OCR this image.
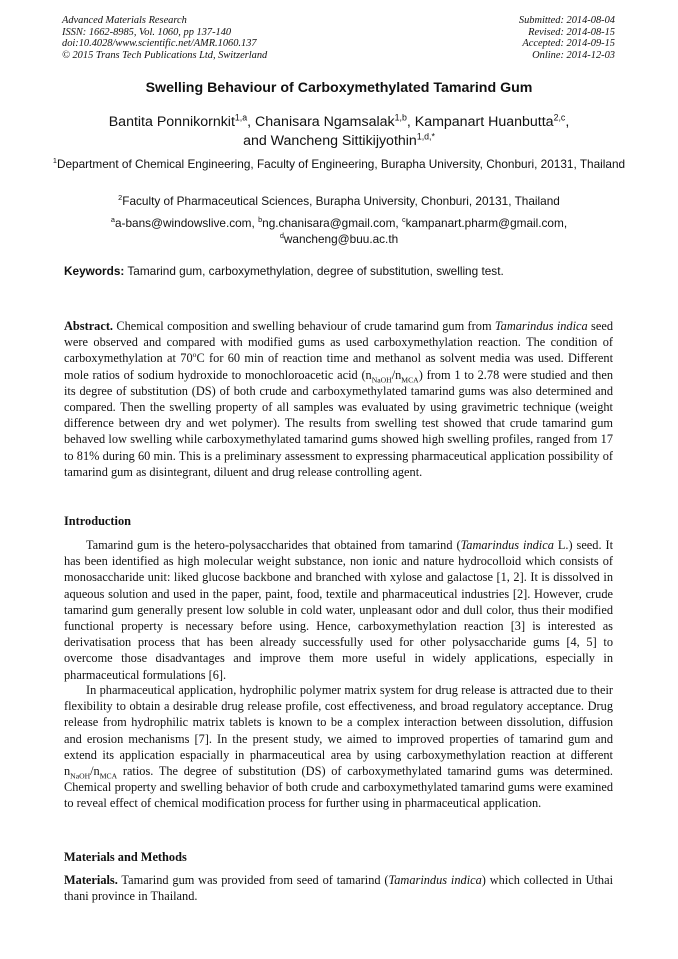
Advanced Materials Research
ISSN: 1662-8985, Vol. 1060, pp 137-140
doi:10.4028/www.scientific.net/AMR.1060.137
© 2015 Trans Tech Publications Ltd, Switzerland
Submitted: 2014-08-04
Revised: 2014-08-15
Accepted: 2014-09-15
Online: 2014-12-03
Swelling Behaviour of Carboxymethylated Tamarind Gum
Bantita Ponnikornkit$^{1,a}$, Chanisara Ngamsalak$^{1,b}$, Kampanart Huanbutta$^{2,c}$,
and Wancheng Sittikijyothin$^{1,d,*}$
$^1$Department of Chemical Engineering, Faculty of Engineering, Burapha University, Chonburi, 20131, Thailand
$^2$Faculty of Pharmaceutical Sciences, Burapha University, Chonburi, 20131, Thailand
$^a$a-bans@windowslive.com, $^b$ng.chanisara@gmail.com, $^c$kampanart.pharm@gmail.com,
$^d$wancheng@buu.ac.th
Keywords: Tamarind gum, carboxymethylation, degree of substitution, swelling test.

Abstract. Chemical composition and swelling behaviour of crude tamarind gum from Tamarindus indica seed were observed and compared with modified gums as used carboxymethylation reaction. The condition of carboxymethylation at 70$^o$C for 60 min of reaction time and methanol as solvent media was used. Different mole ratios of sodium hydroxide to monochloroacetic acid $(n_{NaOH}/n_{MCA})$ from 1 to 2.78 were studied and then its degree of substitution (DS) of both crude and carboxymethylated tamarind gums was also determined and compared. Then the swelling property of all samples was evaluated by using gravimetric technique (weight difference between dry and wet polymer). The results from swelling test showed that crude tamarind gum behaved low swelling while carboxymethylated tamarind gums showed high swelling profiles, ranged from 17 to 81% during 60 min. This is a preliminary assessment to expressing pharmaceutical application possibility of tamarind gum as disintegrant, diluent and drug release controlling agent.

Introduction

Tamarind gum is the hetero-polysaccharides that obtained from tamarind (Tamarindus indica L.) seed. It has been identified as high molecular weight substance, non ionic and nature hydrocolloid which consists of monosaccharide unit: liked glucose backbone and branched with xylose and galactose [1, 2]. It is dissolved in aqueous solution and used in the paper, paint, food, textile and pharmaceutical industries [2]. However, crude tamarind gum generally present low soluble in cold water, unpleasant odor and dull color, thus their modified functional property is necessary before using. Hence, carboxymethylation reaction [3] is interested as derivatisation process that has been already successfully used for other polysaccharide gums [4, 5] to overcome those disadvantages and improve them more useful in widely applications, especially in pharmaceutical formulations [6].

In pharmaceutical application, hydrophilic polymer matrix system for drug release is attracted due to their flexibility to obtain a desirable drug release profile, cost effectiveness, and broad regulatory acceptance. Drug release from hydrophilic matrix tablets is known to be a complex interaction between dissolution, diffusion and erosion mechanisms [7]. In the present study, we aimed to improved properties of tamarind gum and extend its application espacially in pharmaceutical area by using carboxymethylation reaction at different $n_{NaOH}/n_{MCA}$ ratios. The degree of substitution (DS) of carboxymethylated tamarind gums was determined. Chemical property and swelling behavior of both crude and carboxymethylated tamarind gums were examined to reveal effect of chemical modification process for further using in pharmaceutical application.

Materials and Methods

Materials. Tamarind gum was provided from seed of tamarind (Tamarindus indica) which collected in Uthai thani province in Thailand.
